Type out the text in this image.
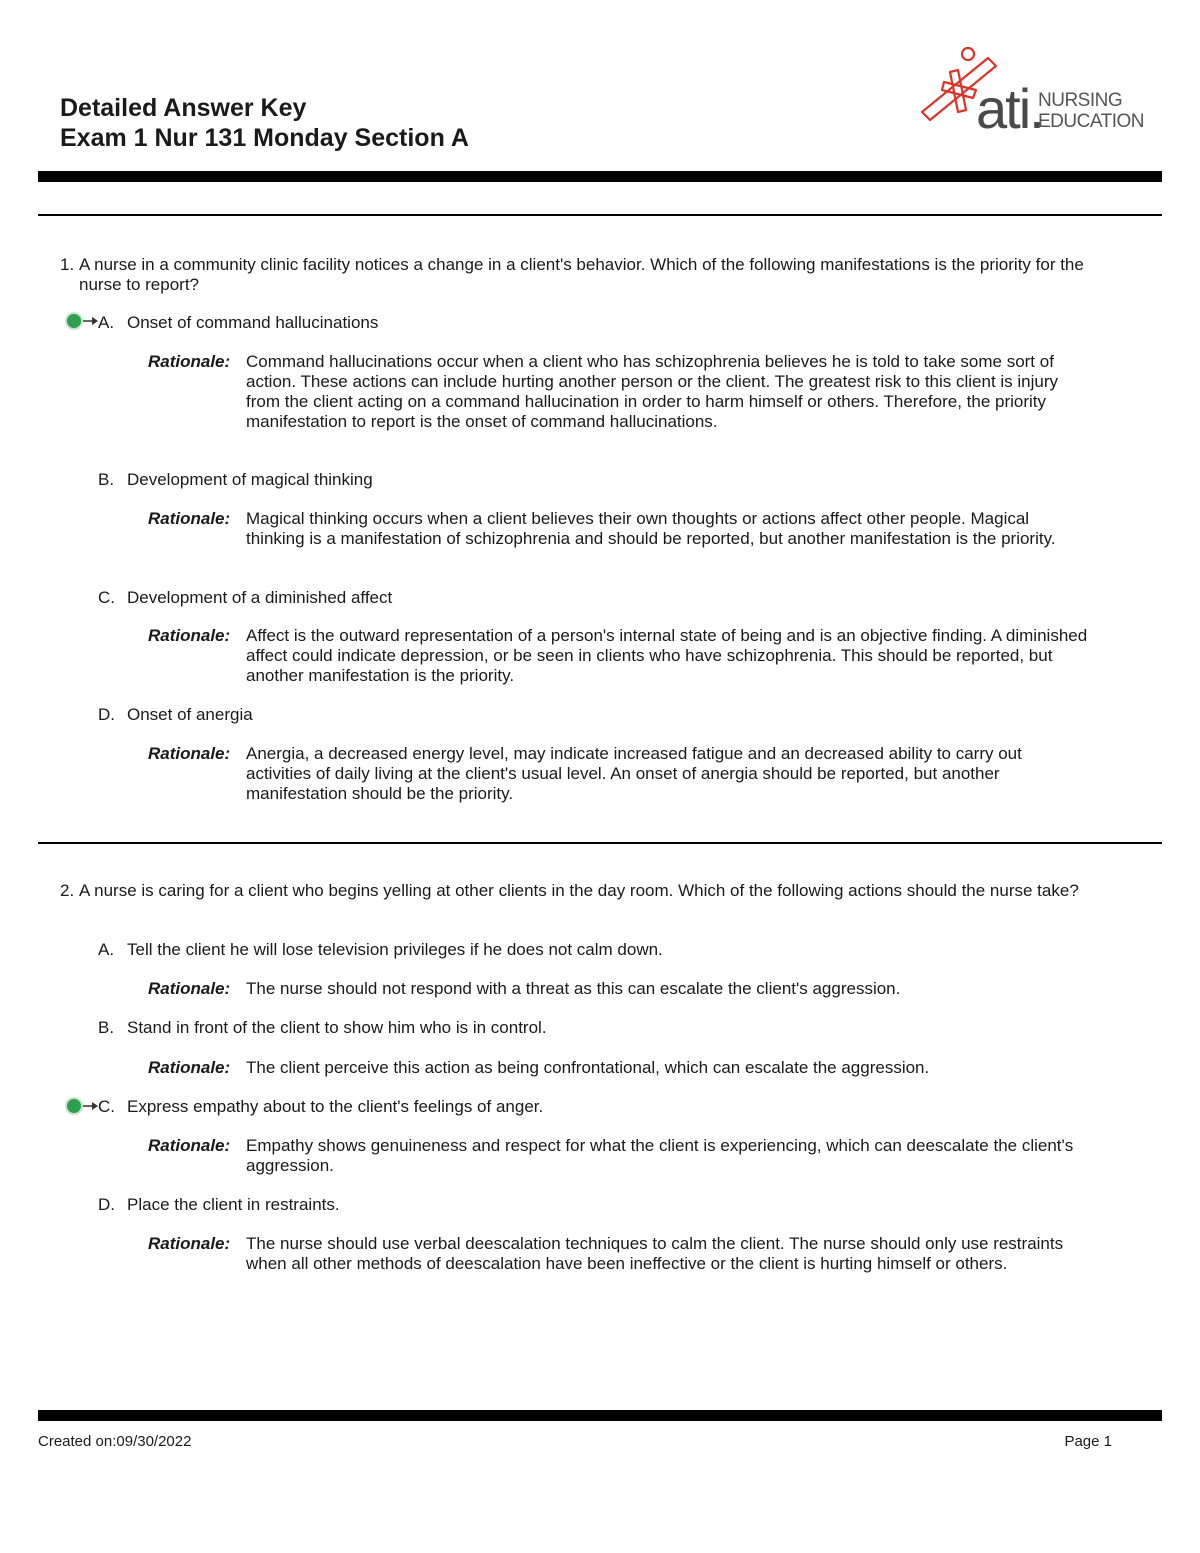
Detailed Answer Key
Exam 1 Nur 131 Monday Section A	ati.
NURSING
EDUCATION
1. A nurse in a community clinic facility notices a change in a client's behavior. Which of the following manifestations is the priority for the nurse to report?
A. Onset of command hallucinations
Rationale: Command hallucinations occur when a client who has schizophrenia believes he is told to take some sort of action. These actions can include hurting another person or the client. The greatest risk to this client is injury from the client acting on a command hallucination in order to harm himself or others. Therefore, the priority manifestation to report is the onset of command hallucinations.
B. Development of magical thinking
Rationale: Magical thinking occurs when a client believes their own thoughts or actions affect other people. Magical thinking is a manifestation of schizophrenia and should be reported, but another manifestation is the priority.
C. Development of a diminished affect
Rationale: Affect is the outward representation of a person's internal state of being and is an objective finding. A diminished affect could indicate depression, or be seen in clients who have schizophrenia. This should be reported, but another manifestation is the priority.
D. Onset of anergia
Rationale: Anergia, a decreased energy level, may indicate increased fatigue and an decreased ability to carry out activities of daily living at the client's usual level. An onset of anergia should be reported, but another manifestation should be the priority.
2. A nurse is caring for a client who begins yelling at other clients in the day room. Which of the following actions should the nurse take?
A. Tell the client he will lose television privileges if he does not calm down.
Rationale: The nurse should not respond with a threat as this can escalate the client's aggression.
B. Stand in front of the client to show him who is in control.
Rationale: The client perceive this action as being confrontational, which can escalate the aggression.
C. Express empathy about to the client's feelings of anger.
Rationale: Empathy shows genuineness and respect for what the client is experiencing, which can deescalate the client's aggression.
D. Place the client in restraints.
Rationale: The nurse should use verbal deescalation techniques to calm the client. The nurse should only use restraints when all other methods of deescalation have been ineffective or the client is hurting himself or others.
Created on:09/30/2022	Page 1
